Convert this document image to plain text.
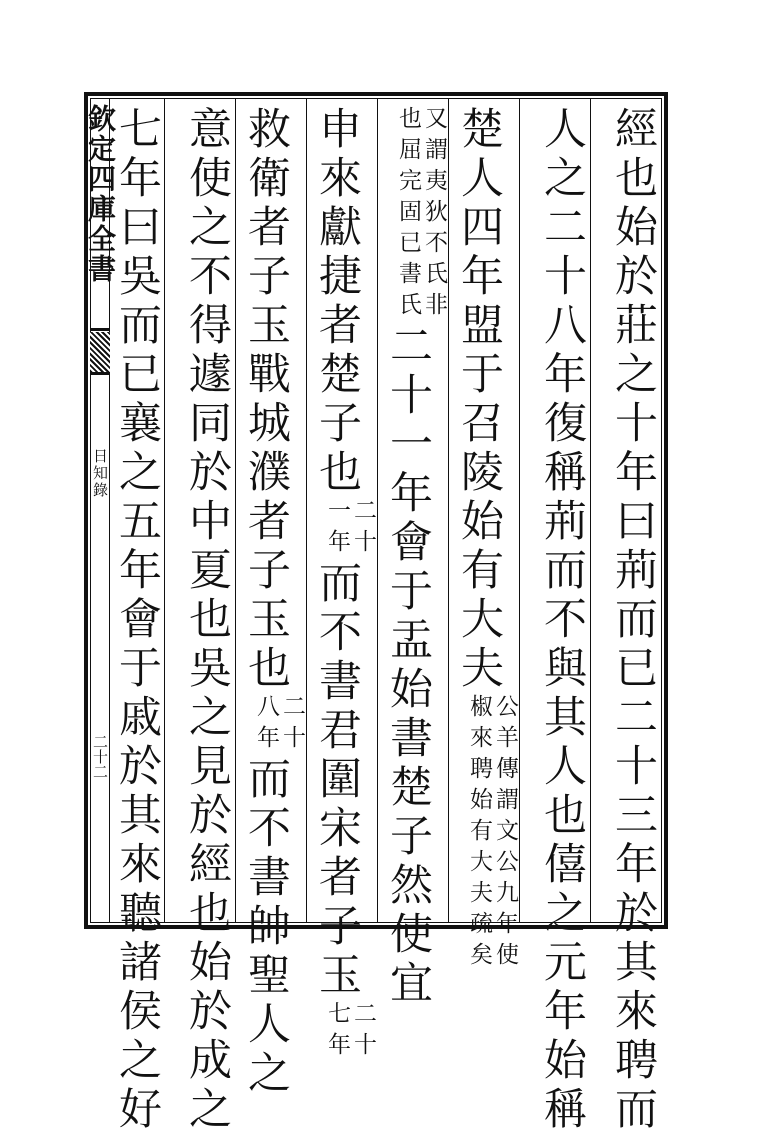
欽定四庫全書
日知錄
二十二	經也始於莊之十年曰荊而已二十三年於其來聘而
人之二十八年復稱荊而不與其人也僖之元年始稱
楚人四年盟于召陵始有大夫
公羊傳謂文公九年使
椒來聘始有大夫疏矣
又謂夷狄不氏非
也屈完固已書氏
二十一年會于盂始書楚子然使宜
申來獻捷者楚子也
二十
一年
而不書君圍宋者子玉
二十
七年
救衛者子玉戰城濮者子玉也
二十
八年
而不書帥聖人之
意使之不得遽同於中夏也吳之見於經也始於成之
七年曰吳而已襄之五年會于戚於其來聽諸侯之好
